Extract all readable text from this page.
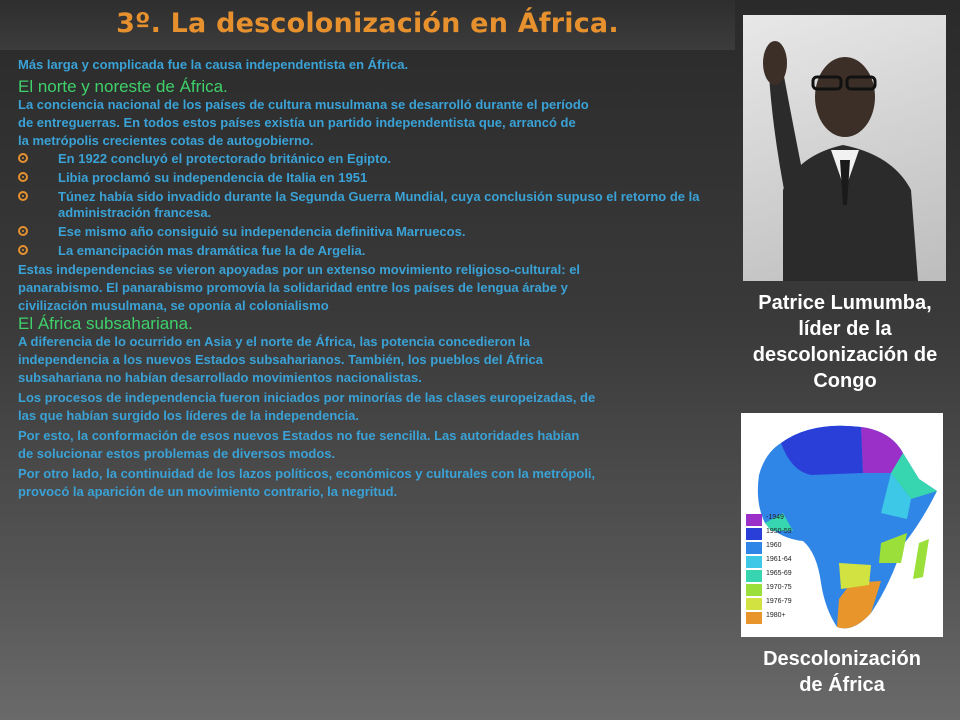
3º. La descolonización en África.

Más larga y complicada fue la causa independentista en África.

El norte y noreste de África.

La conciencia nacional de los países de cultura musulmana se desarrolló durante el período

de entreguerras. En todos estos países existía un partido independentista que, arrancó de

la metrópolis crecientes cotas de autogobierno.

En 1922 concluyó el protectorado británico en Egipto.
Libia proclamó su independencia de Italia en 1951
Túnez había sido invadido durante la Segunda Guerra Mundial, cuya conclusión supuso el retorno de la administración francesa.
Ese mismo año consiguió su independencia definitiva Marruecos.
La emancipación mas dramática fue la de Argelia.

Estas independencias se vieron apoyadas por un extenso movimiento religioso-cultural: el

panarabismo. El panarabismo promovía la solidaridad entre los países de lengua árabe y

civilización musulmana, se oponía al colonialismo

El África subsahariana.

A diferencia de lo ocurrido en Asia y el norte de África, las potencia concedieron la

independencia a los nuevos Estados subsaharianos. También, los pueblos del África

subsahariana no habían desarrollado movimientos nacionalistas.

Los procesos de independencia fueron iniciados por minorías de las clases europeizadas, de

las que habían surgido los líderes de la independencia.

Por esto, la conformación de esos nuevos Estados no fue sencilla. Las autoridades habían

de solucionar estos problemas de diversos modos.

Por otro lado, la continuidad de los lazos políticos, económicos y culturales con la metrópoli,

provocó la aparición de un movimiento contrario, la negritud.

Patrice Lumumba, líder de la descolonización de Congo

-1949
1950-59
1960
1961-64
1965-69
1970-75
1976-79
1980+

Descolonización de África
